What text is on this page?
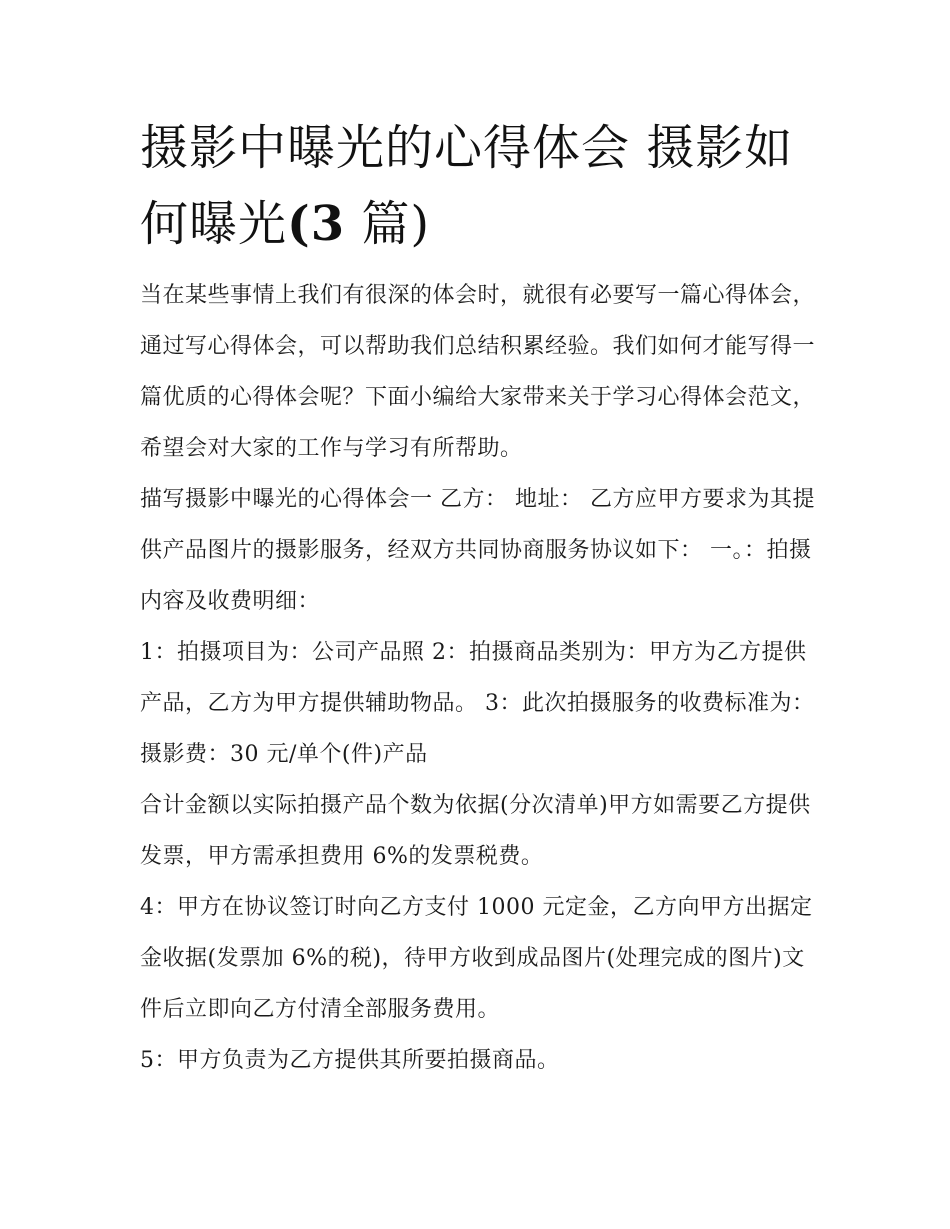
摄影中曝光的心得体会 摄影如何曝光(3 篇)

当在某些事情上我们有很深的体会时，就很有必要写一篇心得体会，通过写心得体会，可以帮助我们总结积累经验。我们如何才能写得一篇优质的心得体会呢？下面小编给大家带来关于学习心得体会范文，希望会对大家的工作与学习有所帮助。

描写摄影中曝光的心得体会一 乙方： 地址： 乙方应甲方要求为其提供产品图片的摄影服务，经双方共同协商服务协议如下： 一。：拍摄内容及收费明细：

1：拍摄项目为：公司产品照 2：拍摄商品类别为：甲方为乙方提供产品，乙方为甲方提供辅助物品。 3：此次拍摄服务的收费标准为：摄影费：30 元/单个(件)产品

合计金额以实际拍摄产品个数为依据(分次清单)甲方如需要乙方提供发票，甲方需承担费用 6%的发票税费。

4：甲方在协议签订时向乙方支付 1000 元定金，乙方向甲方出据定金收据(发票加 6%的税)，待甲方收到成品图片(处理完成的图片)文件后立即向乙方付清全部服务费用。

5：甲方负责为乙方提供其所要拍摄商品。
